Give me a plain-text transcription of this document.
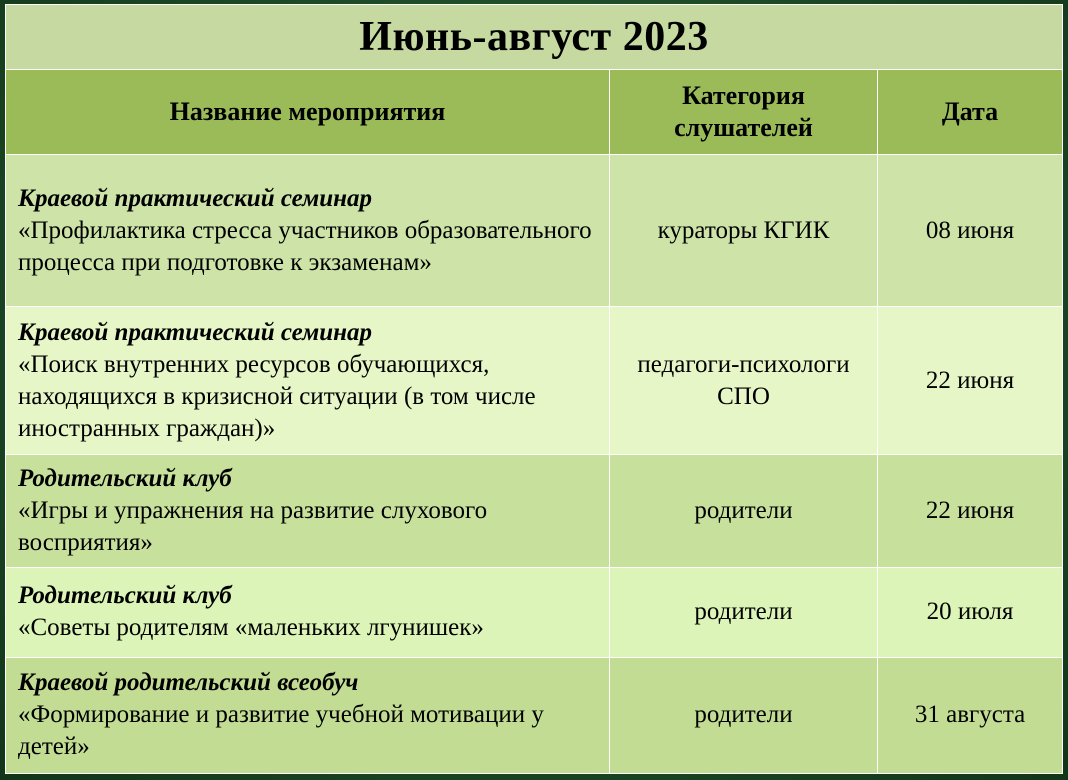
Июнь-август 2023		
Название мероприятия	Категория слушателей	Дата

Краевой практический семинар
«Профилактика стресса участников образовательного процесса при подготовке к экзаменам»	кураторы КГИК	08 июня

Краевой практический семинар
«Поиск внутренних ресурсов обучающихся, находящихся в кризисной ситуации (в том числе иностранных граждан)»	педагоги-психологи СПО	22 июня

Родительский клуб
«Игры и упражнения на развитие слухового восприятия»	родители	22 июня

Родительский клуб
«Советы родителям «маленьких лгунишек»	родители	20 июля

Краевой родительский всеобуч
«Формирование и развитие учебной мотивации у детей»	родители	31 августа
